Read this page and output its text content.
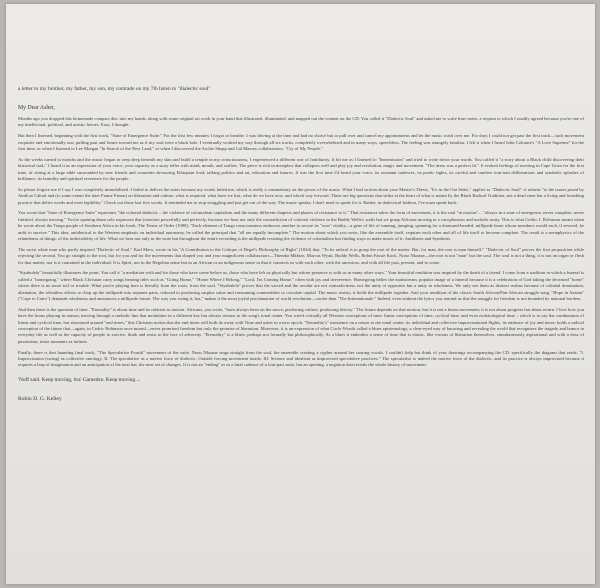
a letter to my brother, my father, my son, my comrade on my 7th listen to "dialectic soul"

My Dear Asher,

Months ago you dropped this homemade compact disc into my hands, along with some original art work in your hand that illustrated, illuminated, and mapped out the content on the CD. You called it "Dialectic Soul" and asked me to write liner notes, a request to which I readily agreed because you're one of my intellectual, political, and artistic heroes. Easy, I thought.

But then I listened, beginning with the first track, "State of Emergence Suite." For the first few minutes I forgot to breathe. I was driving at the time and had no choice but to pull over and cancel my appointments and let the music wash over me. For days I could not get past the first track—such movement exquisite and emotionally raw, pulling past and future toward me as if my soul were a black hole. I eventually worked my way through all six tracks, completely overwhelmed and in many ways, speechless. The feeling was strangely familiar. I felt it when I heard John Coltrane's "A Love Supreme" for the first time, or when I listened to Lee Morgan "In Search of the New Land," or when I discovered the Archie Shepp and Cal Massey collaboration, "Cry of My People."

As the weeks turned to months and the music began to seep deep beneath my skin and build a temple in my consciousness, I experienced a different sort of familiarity. It hit me as I listened to "Intermission" and tried to write down your words. You called it "a story about a Black child discovering their historical task." I heard it as an expression of your voice, your capacity as a story teller with mind, mouth, and wallets. The piece is rich in metaphor that collapses well and play joy and revolution, magic and movement. "The dress was a perfect fit." It evoked feelings of meeting in Cape Town for the first time, of sitting at a large table surrounded by new friends and comrades devouring Ethiopian food, talking politics and art, education and futures. It was the first time I'd heard your voice, its resonant cadences, its poetic fights, its careful and carefree tom-tom deliberations and symbolic splashes of brilliance, its humility and spiritual reverence for the people.

So please forgive me if I say I was completely immobilized. I failed to deliver the notes because my words failed me, which is really a commentary on the power of the music. What I had written about your Master's Thesis, "It's in the Out Sides," applies to "Dialectic Soul": it returns "to the issues posed by Amilcar Cabral and (to some extent the later Frantz Fanon) on liberation and culture, what is required, what have we lost, what do we have now, and which way forward. These are big questions that strike at the heart of what is meant by the Black Radical Tradition, not a dead zone but a living and breathing practice that defies words and even legibility." Check out those last five words. It reminded me to stop struggling and just get out of the way. The music speaks; I don't need to speak for it. Rather, in dialectical fashion, I've must speak back.

You wrote that "State of Emergence Suite" represents "the colonial dialectic – the violence of colonialism capitalism and the many different chapters and phases of resistance to it." That resistance takes the form of movement, it is the soul "in motion"... "always in a state of emergence, never complete, never finished, always moving." You're opening drum solo expresses that (emotion powerfully and perfectly, because we hear not only the contradiction of colonial violence in the Buddy Wells's wails but we grasp Africans moving in a cacophonous and melodic unity. This is what Cedric J. Robinson meant when he wrote about the Tonga people of Southern Africa in his book, The Terms of Order (1980): "Each element of Tonga consciousness embraces another to secure its "own" vitality—a gene of life of running, jumping, spinning for a thousand-headed, millipede beast whose members would each, if severed, be unfit to survive." This idea, antithetical to the Western emphasis on individual autonomy, he called the principal that "all are equally incomplete." The motion about which you write, like the ensemble itself, requires each other and all of life itself to become complete. The result is a metaphysics of the relatedness of things, of the indivisibility of life. What we hear not only in the suite but throughout the entire recording is the millipede resisting the violence of colonialism but finding ways to make music of it: Antithesis and Synthesis.

The racist white man who partly inspired "Dialectic of Soul," Karl Marx, wrote in his "A Contribution to the Critique of Hegel's Philosophy of Right" (1844) that, "To be radical is to grasp the root of the matter. But, for man, the root is man himself." "Dialectic of Soul" proves the first proposition while rejecting the second. You go straight to the root, but for you and for the movements that shaped you and your magnificent collaborators—Themba Mkhize, Marcus Wyatt, Buddy Wells, Robin Fassie Kock, Nono Nkoane—the root is not "man" but the soul. The soul is not a thing, it is not an organ or flesh for that matter, nor is it contained in the individual. It is Spirit, not in the Hegelian sense but in an African or an indigenous sense in that it connects us with each other, with the ancestors, and with all life past, present, and to come.

"Siyabulela" beautifully illustrates the point. You call it "a mediation with and for those who have come before us, those who have left us physically but whose presence is with us in many other ways." Your beautiful rendition was inspired by the death of a friend. I come from a tradition in which a funeral is called a "homegoing," where Black Christian carry songs bearing titles such as "Going Home," "Home Where I Belong," "Lord, I'm Coming Home," often with joy and irreverence. Homegoing belies the mainstream, popular image of a funeral because it is a celebration of God taking the deceased "home" where there is no more toil or trouble. What you're playing here is literally from the roots, from the soul. "Siyabulela" proves that the sacred and the secular are not contradictions, not the unity of opposites but a unity in wholeness. We only see them as distinct realms because of colonial domination, alienation, the relentless efforts to chop up the millipede into separate parts, reduced to producing surplus value and consuming commodities to circulate capital. The music resists, it holds the millipede together. And your rendition of the classic South African/Pan-African struggle song, "Hope in Azania" ("Cape to Cairo") demands wholeness and announces a millipede future. The way you swing it, bra," makes it the most joyful proclamation of world revolution—cooler than "The Internationale." Indeed, even without the lyrics you remind us that the struggle for freedom is not bounded by national borders.

And then there is the question of time. "Eternality" is about time and its relation to motion. Africans, you write, "have always been on the move, producing culture, producing history." The future depends on that motion, but it is not a linear movement; it is not about progress but about return. I love how you have the horns playing in unison, moving through a melodic line that modulates in a different key but always returns to the song's tonal center. You wreck virtually all Western conceptions of time: linear conceptions of time, cyclical time, and even eschatological time – which is to say the combination of linear and cyclical time, but structured around "end times," this Christian notion that the end times will both do away with Time and usher in a new epoch. "Eternality's" insistence on a return to the tonal center, its individual and collective improvisational flights, its embrace of joy and terror, holds a radical conception of the future that—again, in Cedric Robinson once mused—never promised freedom but only the promise of liberation. Moreover, it is an expression of what Circle Woods called a blues epistemology, a clear-eyed way of knowing and revealing the world that recognizes the tragedy and humor in everyday life as well as the capacity of people to survive, think and resist in the face of adversity. "Eternality" is a blues, perhaps not formally but philosophically. As a blues it embodies a sense of time that is elastic, like visions of liberation themselves, simultaneously aspirational and with a dose of pessimism, resist moments as infinite.

Finally, there is that haunting final track, "The Speculative Fourth" movement of the suite. Nono Nkoane sings straight from the soul, the ensemble creating a cypher around her soaring vocals. I couldn't help but think of your drawings accompanying the CD, specifically the diagram that reads: "I. Improvisation (swing) as collective ontology. II. The speculative as a motive force of dialectic. Outside forcing movement inside. III. Science and idealism as improvised speculative practices." The speculative is indeed the motive force of the dialectic, and its practice is always improvised because it requires a leap of imagination and an anticipation of the next bar, the next set of changes. It is not an "ending" as in a final cadence of a four-part suite, but an opening, a negation that reveals the whole history of movement.

'Nuff said. Keep moving, bra' Gamedze. Keep moving....

Robin D. G. Kelley
